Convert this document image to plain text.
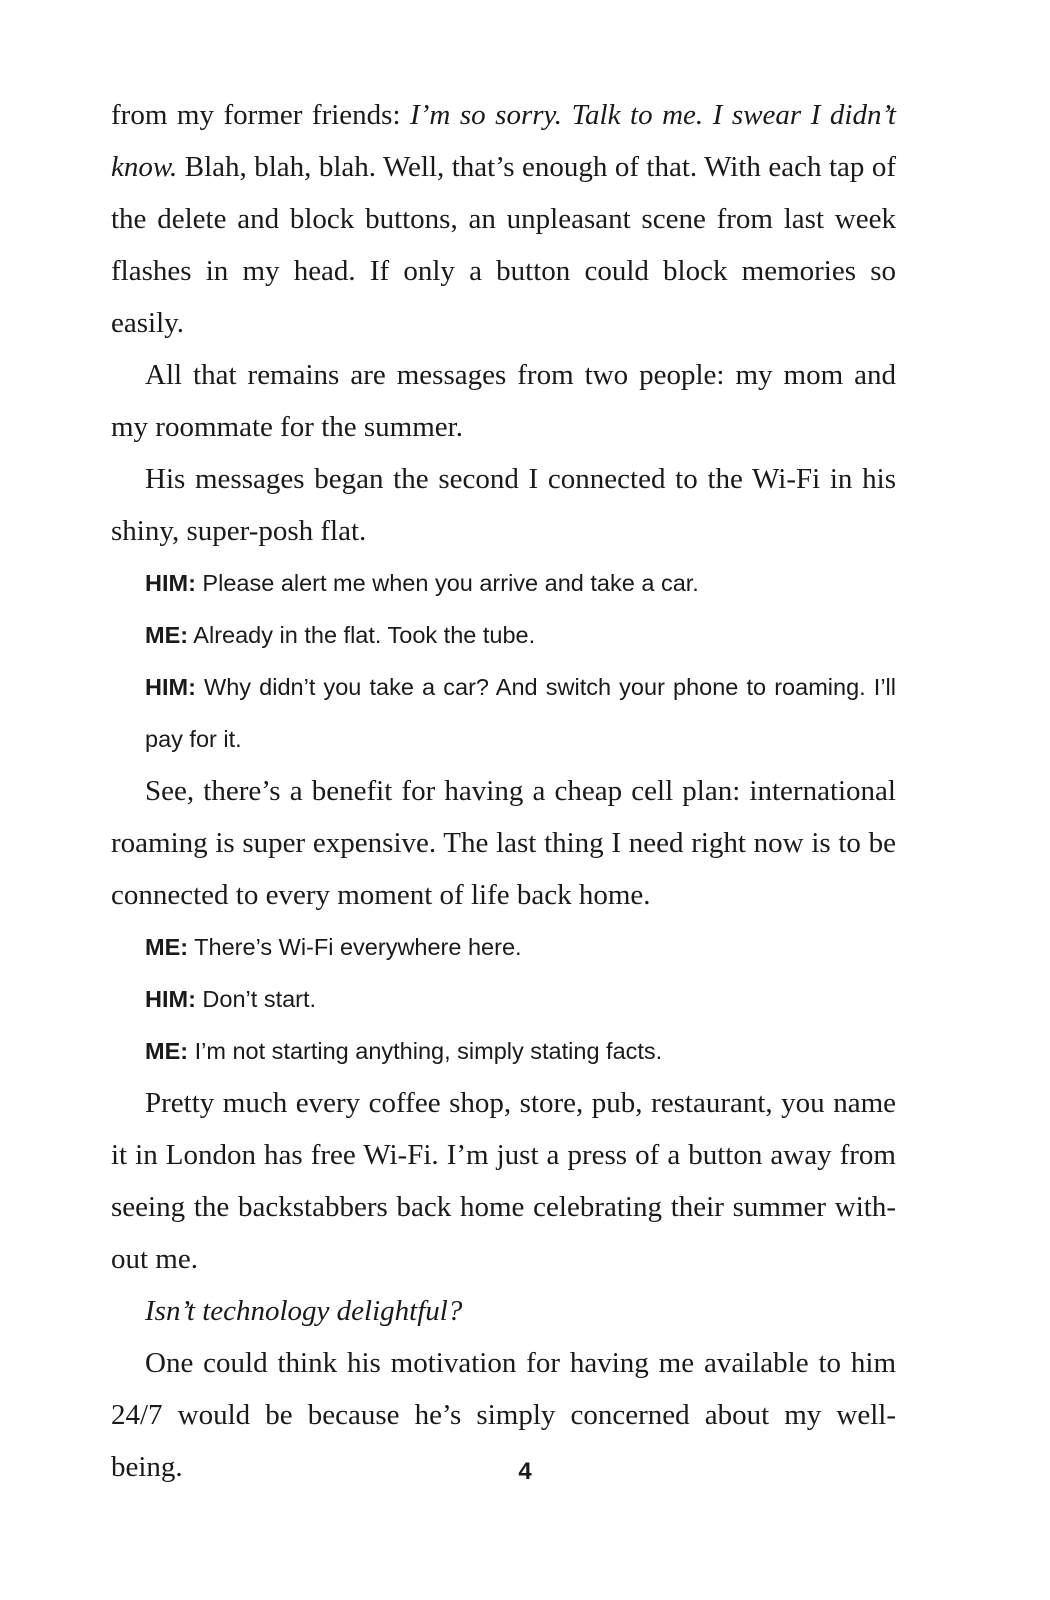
from my former friends: I’m so sorry. Talk to me. I swear I didn’t know. Blah, blah, blah. Well, that’s enough of that. With each tap of the delete and block buttons, an unpleasant scene from last week flashes in my head. If only a button could block memories so easily.

All that remains are messages from two people: my mom and my roommate for the summer.

His messages began the second I connected to the Wi-Fi in his shiny, super-posh flat.

HIM: Please alert me when you arrive and take a car.
ME: Already in the flat. Took the tube.
HIM: Why didn’t you take a car? And switch your phone to roaming. I’ll pay for it.

See, there’s a benefit for having a cheap cell plan: international roaming is super expensive. The last thing I need right now is to be connected to every moment of life back home.

ME: There’s Wi-Fi everywhere here.
HIM: Don’t start.
ME: I’m not starting anything, simply stating facts.

Pretty much every coffee shop, store, pub, restaurant, you name it in London has free Wi-Fi. I’m just a press of a button away from seeing the backstabbers back home celebrating their summer with-out me.

Isn’t technology delightful?

One could think his motivation for having me available to him 24/7 would be because he’s simply concerned about my well-being.	4
